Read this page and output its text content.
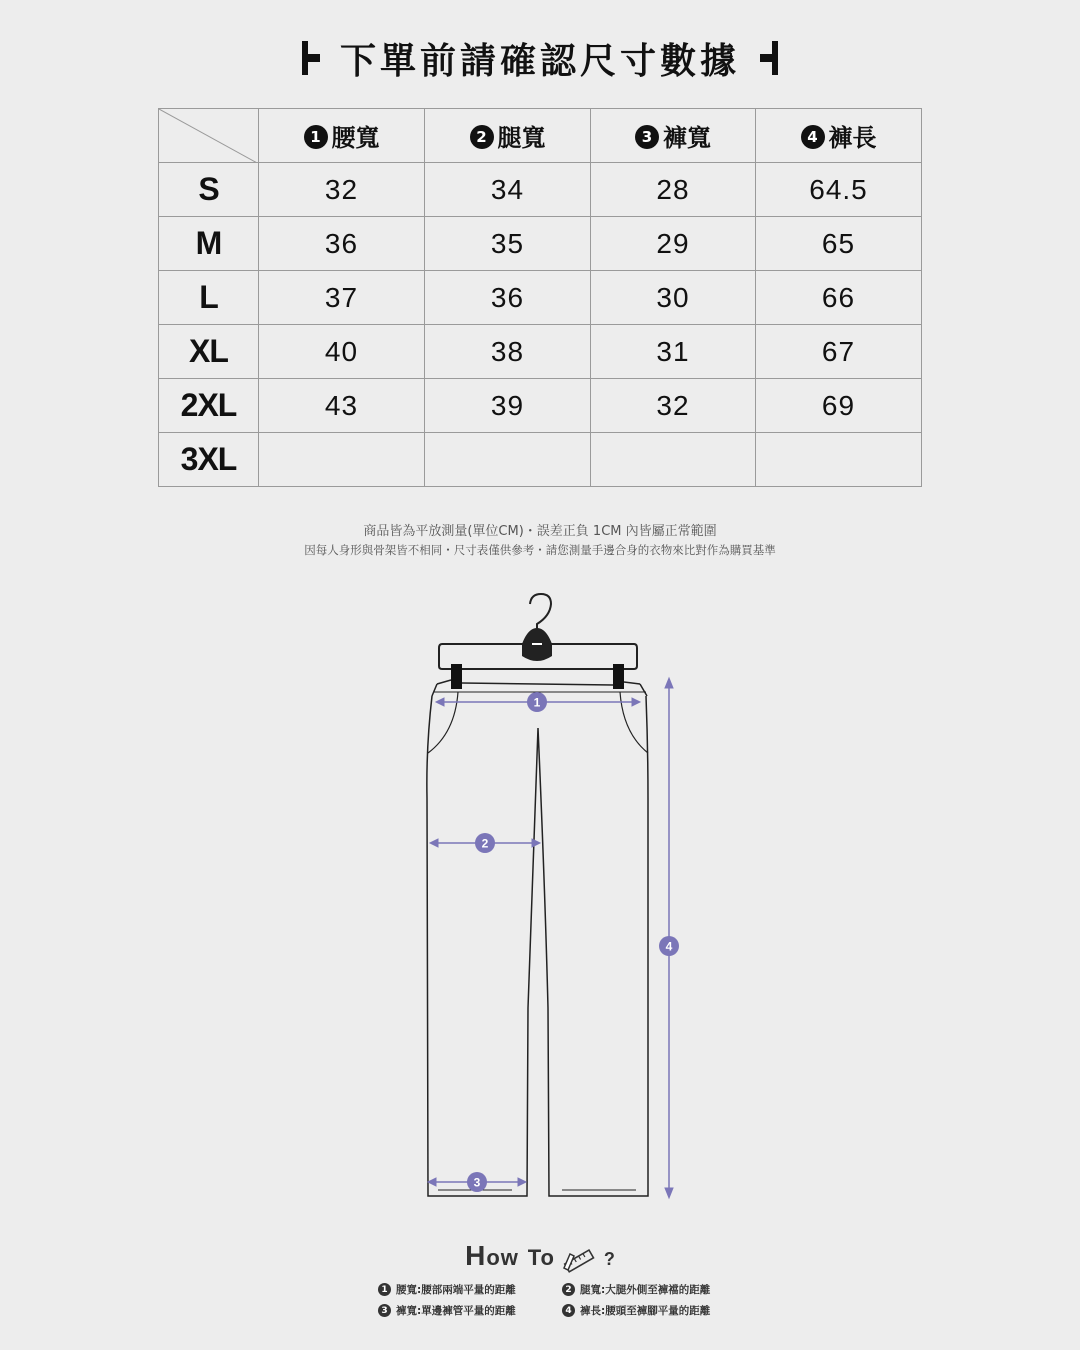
下單前請確認尺寸數據
	1 腰寬	2 腿寬	3 褲寬	4 褲長
S	32	34	28	64.5
M	36	35	29	65
L	37	36	30	66
XL	40	38	31	67
2XL	43	39	32	69
3XL				
商品皆為平放測量(單位CM)・誤差正負 1CM 內皆屬正常範圍
因每人身形與骨架皆不相同・尺寸表僅供參考・請您測量手邊合身的衣物來比對作為購買基準
1
2
3
4
How To	?
1 腰寬:腰部兩端平量的距離	2 腿寬:大腿外側至褲襠的距離
3 褲寬:單邊褲管平量的距離	4 褲長:腰頭至褲腳平量的距離
